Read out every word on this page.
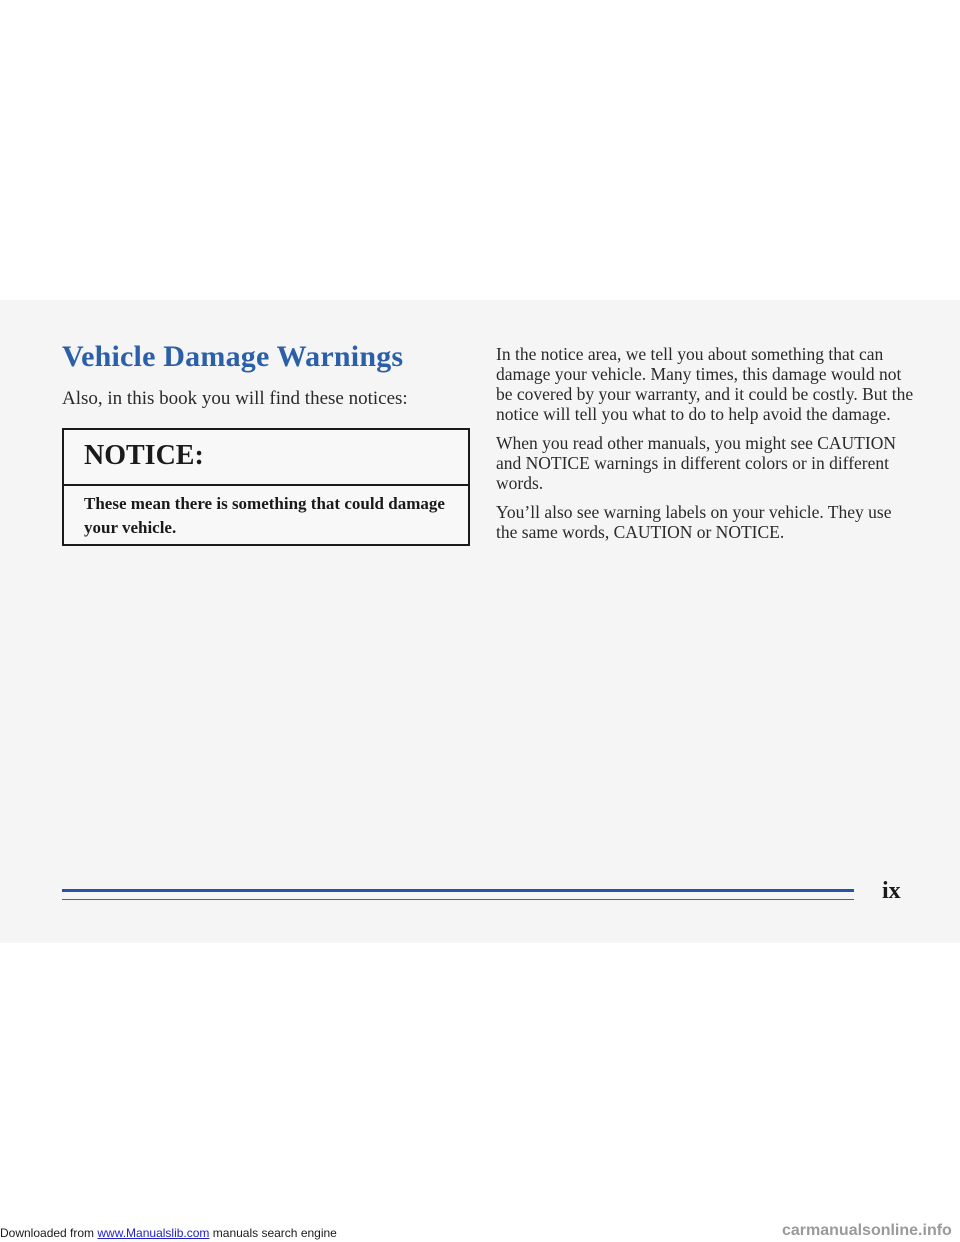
Vehicle Damage Warnings

Also, in this book you will find these notices:

NOTICE:

These mean there is something that could damage your vehicle.

In the notice area, we tell you about something that can damage your vehicle. Many times, this damage would not be covered by your warranty, and it could be costly. But the notice will tell you what to do to help avoid the damage.

When you read other manuals, you might see CAUTION and NOTICE warnings in different colors or in different words.

You’ll also see warning labels on your vehicle. They use the same words, CAUTION or NOTICE.

ix
Downloaded from www.Manualslib.com manuals search engine	carmanualsonline.info
